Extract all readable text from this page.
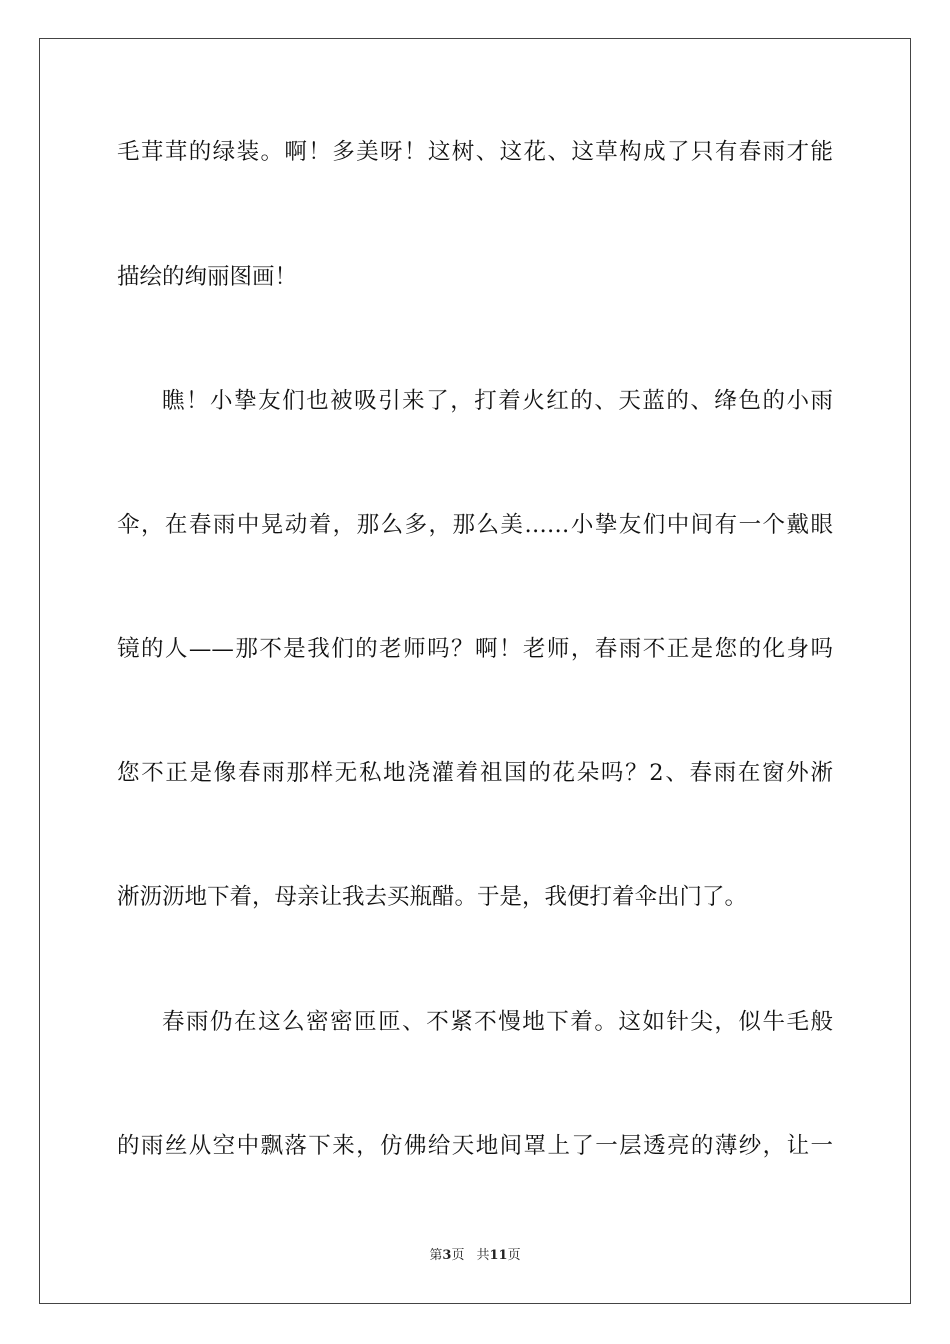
毛茸茸的绿装。啊！多美呀！这树、这花、这草构成了只有春雨才能
描绘的绚丽图画！
瞧！小挚友们也被吸引来了，打着火红的、天蓝的、绛色的小雨
伞，在春雨中晃动着，那么多，那么美……小挚友们中间有一个戴眼
镜的人——那不是我们的老师吗？啊！老师，春雨不正是您的化身吗
您不正是像春雨那样无私地浇灌着祖国的花朵吗？2、春雨在窗外淅
淅沥沥地下着，母亲让我去买瓶醋。于是，我便打着伞出门了。
春雨仍在这么密密匝匝、不紧不慢地下着。这如针尖，似牛毛般
的雨丝从空中飘落下来，仿佛给天地间罩上了一层透亮的薄纱，让一
第3页 共11页
